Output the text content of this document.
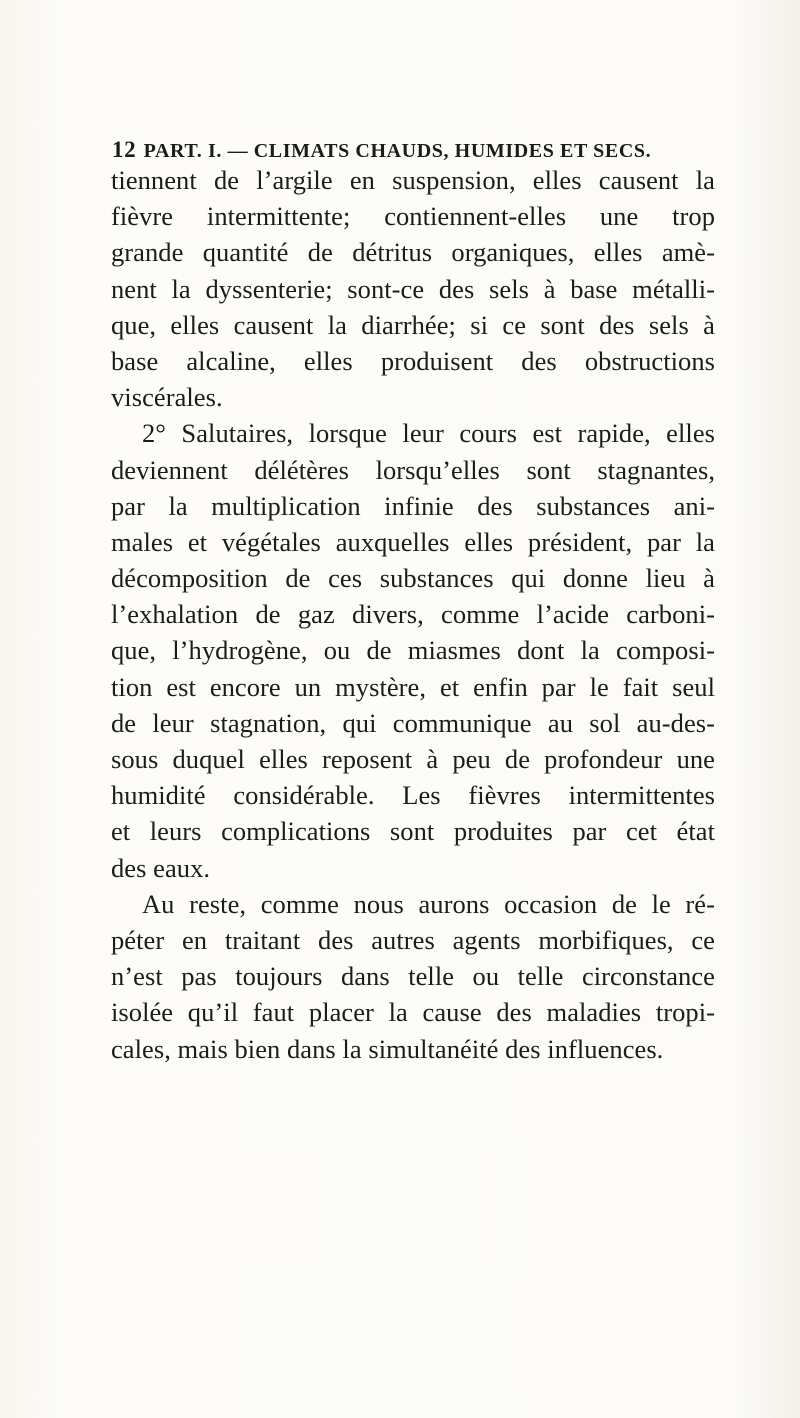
12 PART. I. — CLIMATS CHAUDS, HUMIDES ET SECS.
tiennent de l’argile en suspension, elles causent la
fièvre intermittente; contiennent-elles une trop
grande quantité de détritus organiques, elles amè-
nent la dyssenterie; sont-ce des sels à base métalli-
que, elles causent la diarrhée; si ce sont des sels à
base alcaline, elles produisent des obstructions
viscérales.
2° Salutaires, lorsque leur cours est rapide, elles
deviennent délétères lorsqu’elles sont stagnantes,
par la multiplication infinie des substances ani-
males et végétales auxquelles elles président, par la
décomposition de ces substances qui donne lieu à
l’exhalation de gaz divers, comme l’acide carboni-
que, l’hydrogène, ou de miasmes dont la composi-
tion est encore un mystère, et enfin par le fait seul
de leur stagnation, qui communique au sol au-des-
sous duquel elles reposent à peu de profondeur une
humidité considérable. Les fièvres intermittentes
et leurs complications sont produites par cet état
des eaux.
Au reste, comme nous aurons occasion de le ré-
péter en traitant des autres agents morbifiques, ce
n’est pas toujours dans telle ou telle circonstance
isolée qu’il faut placer la cause des maladies tropi-
cales, mais bien dans la simultanéité des influences.
